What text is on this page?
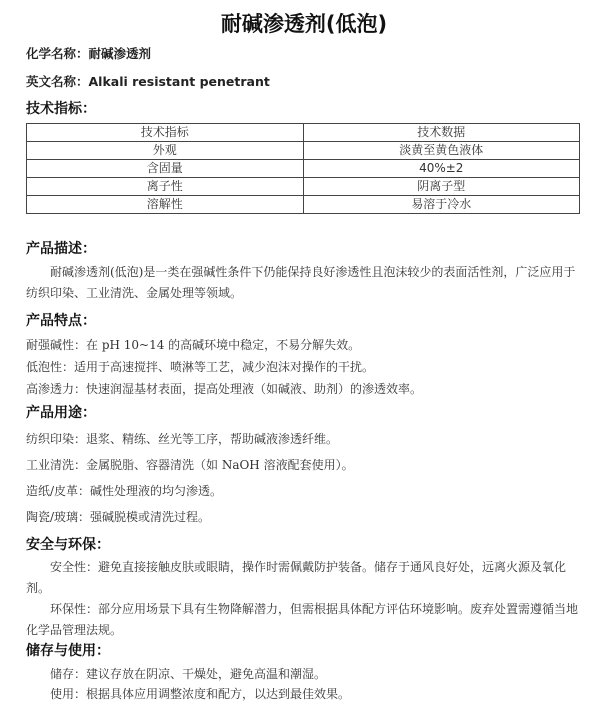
耐碱渗透剂(低泡)
化学名称：耐碱渗透剂
英文名称：Alkali resistant penetrant
技术指标：
技术指标	技术数据
外观	淡黄至黄色液体
含固量	40%±2
离子性	阴离子型
溶解性	易溶于冷水
产品描述：
耐碱渗透剂(低泡)是一类在强碱性条件下仍能保持良好渗透性且泡沫较少的表面活性剂，广泛应用于纺织印染、工业清洗、金属处理等领域。
产品特点：
耐强碱性：在 pH 10~14 的高碱环境中稳定，不易分解失效。
低泡性：适用于高速搅拌、喷淋等工艺，减少泡沫对操作的干扰。
高渗透力：快速润湿基材表面，提高处理液（如碱液、助剂）的渗透效率。
产品用途：
纺织印染：退浆、精练、丝光等工序，帮助碱液渗透纤维。
工业清洗：金属脱脂、容器清洗（如 NaOH 溶液配套使用）。
造纸/皮革：碱性处理液的均匀渗透。
陶瓷/玻璃：强碱脱模或清洗过程。
安全与环保：
安全性：避免直接接触皮肤或眼睛，操作时需佩戴防护装备。储存于通风良好处，远离火源及氧化剂。
环保性：部分应用场景下具有生物降解潜力，但需根据具体配方评估环境影响。废弃处置需遵循当地化学品管理法规。
储存与使用：
储存：建议存放在阴凉、干燥处，避免高温和潮湿。
使用：根据具体应用调整浓度和配方，以达到最佳效果。
